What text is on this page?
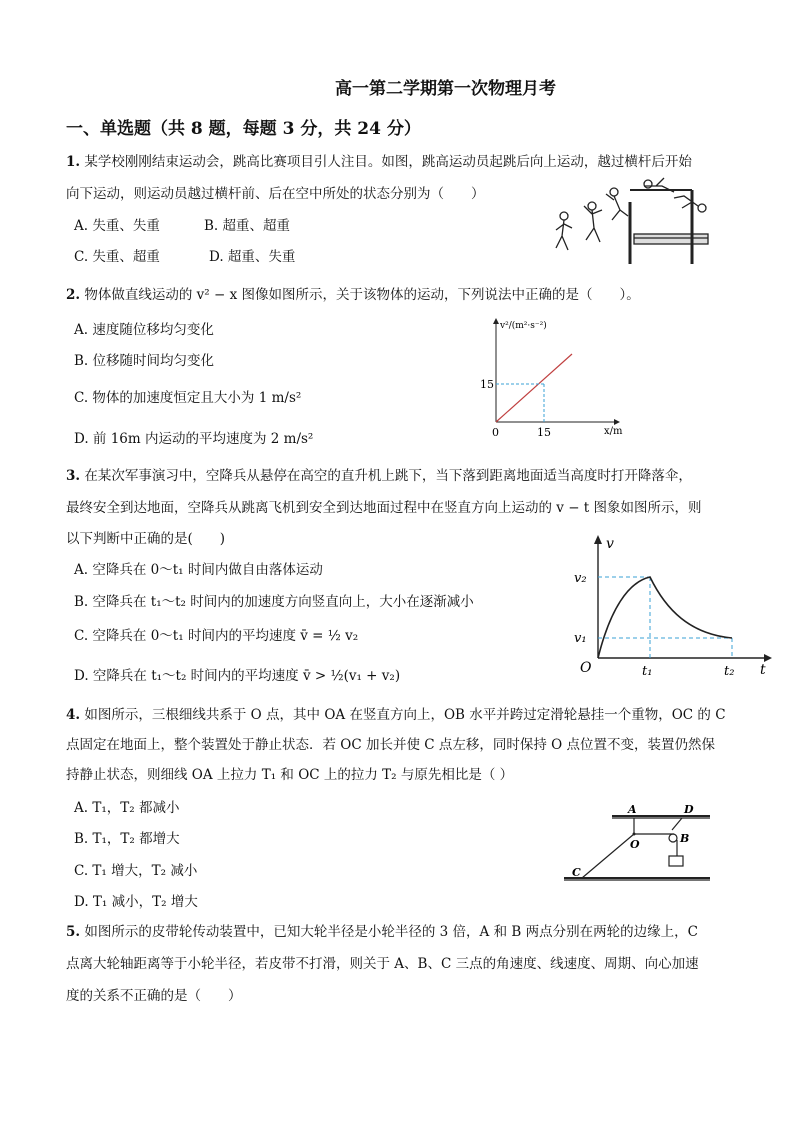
高一第二学期第一次物理月考
一、单选题（共 8 题，每题 3 分，共 24 分）
1. 某学校刚刚结束运动会，跳高比赛项目引人注目。如图，跳高运动员起跳后向上运动，越过横杆后开始
向下运动，则运动员越过横杆前、后在空中所处的状态分别为（　　）
A. 失重、失重	B. 超重、超重
C. 失重、超重	D. 超重、失重
2. 物体做直线运动的 v² − x 图像如图所示，关于该物体的运动，下列说法中正确的是（　　）。
A. 速度随位移均匀变化
B. 位移随时间均匀变化
C. 物体的加速度恒定且大小为 1 m/s²
D. 前 16m 内运动的平均速度为 2 m/s²
v²/(m²·s⁻²)
x/m
15
15
0
3. 在某次军事演习中，空降兵从悬停在高空的直升机上跳下，当下落到距离地面适当高度时打开降落伞，
最终安全到达地面，空降兵从跳离飞机到安全到达地面过程中在竖直方向上运动的 v − t 图象如图所示，则
以下判断中正确的是(　　)
A. 空降兵在 0～t₁ 时间内做自由落体运动
B. 空降兵在 t₁～t₂ 时间内的加速度方向竖直向上，大小在逐渐减小
C. 空降兵在 0～t₁ 时间内的平均速度 v̄ = ½ v₂
D. 空降兵在 t₁～t₂ 时间内的平均速度 v̄ > ½(v₁ + v₂)
v
t
v₂
v₁
t₁	t₂
O
4. 如图所示，三根细线共系于 O 点，其中 OA 在竖直方向上，OB 水平并跨过定滑轮悬挂一个重物，OC 的 C
点固定在地面上，整个装置处于静止状态．若 OC 加长并使 C 点左移，同时保持 O 点位置不变，装置仍然保
持静止状态，则细线 OA 上拉力 T₁ 和 OC 上的拉力 T₂ 与原先相比是（ ）
A. T₁，T₂ 都减小
B. T₁，T₂ 都增大
C. T₁ 增大，T₂ 减小
D. T₁ 减小，T₂ 增大
A	D
O	B
C
5. 如图所示的皮带轮传动装置中，已知大轮半径是小轮半径的 3 倍，A 和 B 两点分别在两轮的边缘上，C
点离大轮轴距离等于小轮半径，若皮带不打滑，则关于 A、B、C 三点的角速度、线速度、周期、向心加速
度的关系不正确的是（　　）
